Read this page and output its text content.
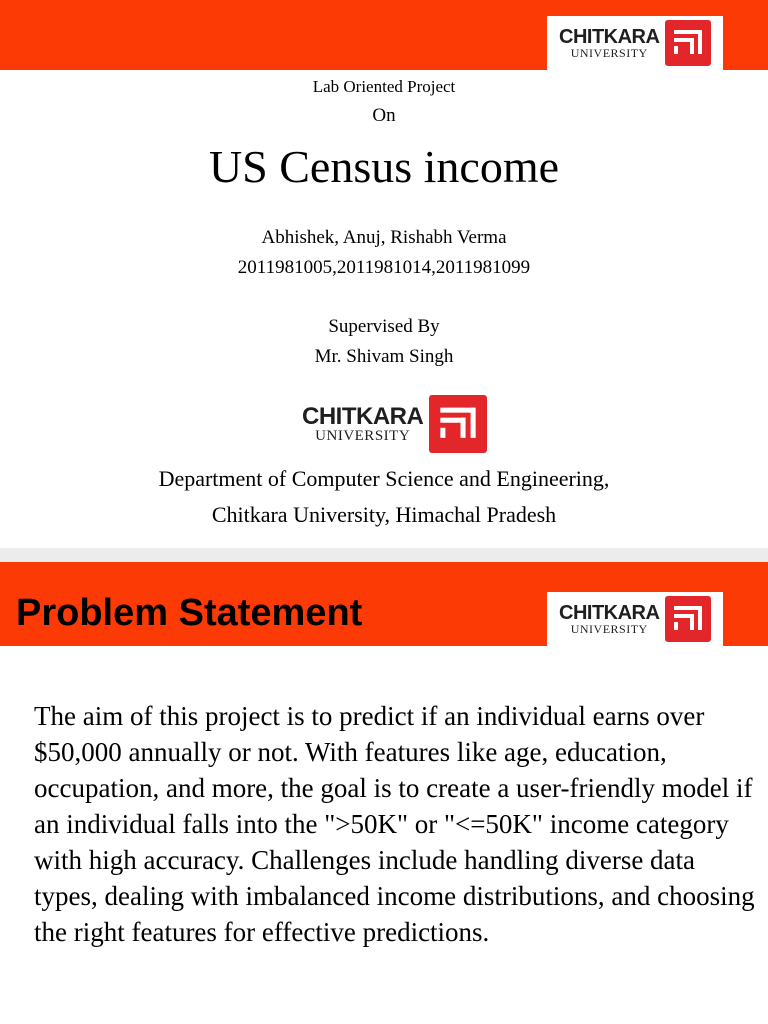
CHITKARA
UNIVERSITY
Lab Oriented Project
On
US Census income
Abhishek, Anuj, Rishabh Verma
2011981005,2011981014,2011981099
Supervised By
Mr. Shivam Singh
CHITKARA
UNIVERSITY
Department of Computer Science and Engineering,
Chitkara University, Himachal Pradesh
CHITKARA
UNIVERSITY
Problem Statement
The aim of this project is to predict if an individual earns over $50,000 annually or not. With features like age, education, occupation, and more, the goal is to create a user-friendly model if an individual falls into the ">50K" or "<=50K" income category with high accuracy. Challenges include handling diverse data types, dealing with imbalanced income distributions, and choosing the right features for effective predictions.
